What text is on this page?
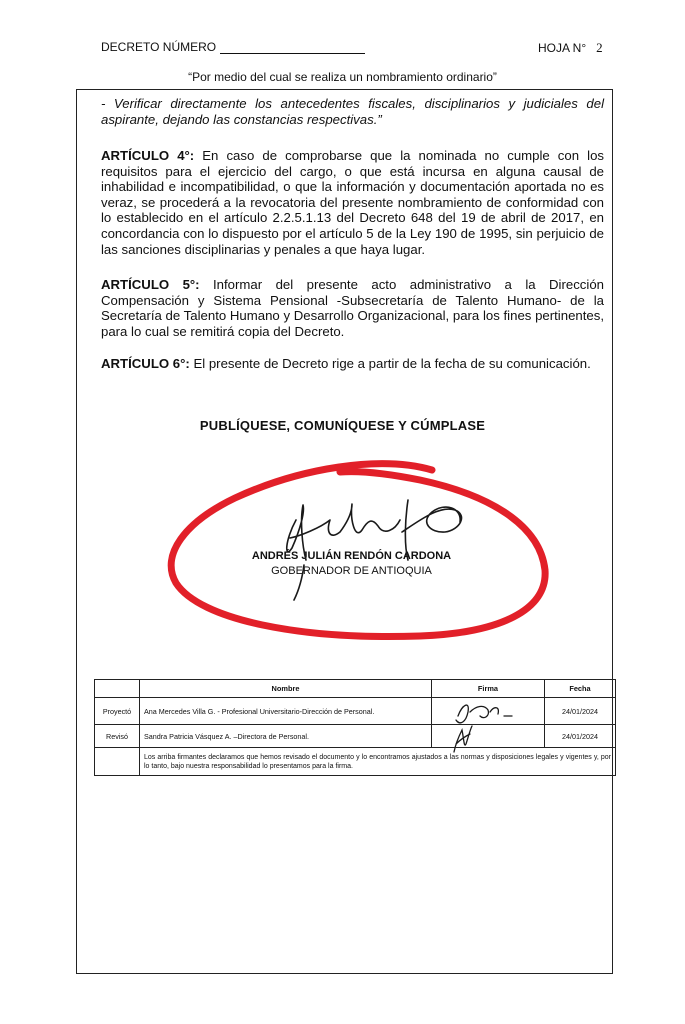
DECRETO NÚMERO	HOJA N° 2
“Por medio del cual se realiza un nombramiento ordinario”

- Verificar directamente los antecedentes fiscales, disciplinarios y judiciales del aspirante, dejando las constancias respectivas.”

ARTÍCULO 4°: En caso de comprobarse que la nominada no cumple con los requisitos para el ejercicio del cargo, o que está incursa en alguna causal de inhabilidad e incompatibilidad, o que la información y documentación aportada no es veraz, se procederá a la revocatoria del presente nombramiento de conformidad con lo establecido en el artículo 2.2.5.1.13 del Decreto 648 del 19 de abril de 2017, en concordancia con lo dispuesto por el artículo 5 de la Ley 190 de 1995, sin perjuicio de las sanciones disciplinarias y penales a que haya lugar.

ARTÍCULO 5°: Informar del presente acto administrativo a la Dirección Compensación y Sistema Pensional -Subsecretaría de Talento Humano- de la Secretaría de Talento Humano y Desarrollo Organizacional, para los fines pertinentes, para lo cual se remitirá copia del Decreto.

ARTÍCULO 6°: El presente de Decreto rige a partir de la fecha de su comunicación.

PUBLÍQUESE, COMUNÍQUESE Y CÚMPLASE
ANDRÉS JULIÁN RENDÓN CARDONA
GOBERNADOR DE ANTIOQUIA
	Nombre	Firma	Fecha
Proyectó	Ana Mercedes Villa G. - Profesional Universitario-Dirección de Personal.		24/01/2024
Revisó	Sandra Patricia Vásquez A. –Directora de Personal.		24/01/2024
	Los arriba firmantes declaramos que hemos revisado el documento y lo encontramos ajustados a las normas y disposiciones legales y vigentes y, por lo tanto, bajo nuestra responsabilidad lo presentamos para la firma.		
